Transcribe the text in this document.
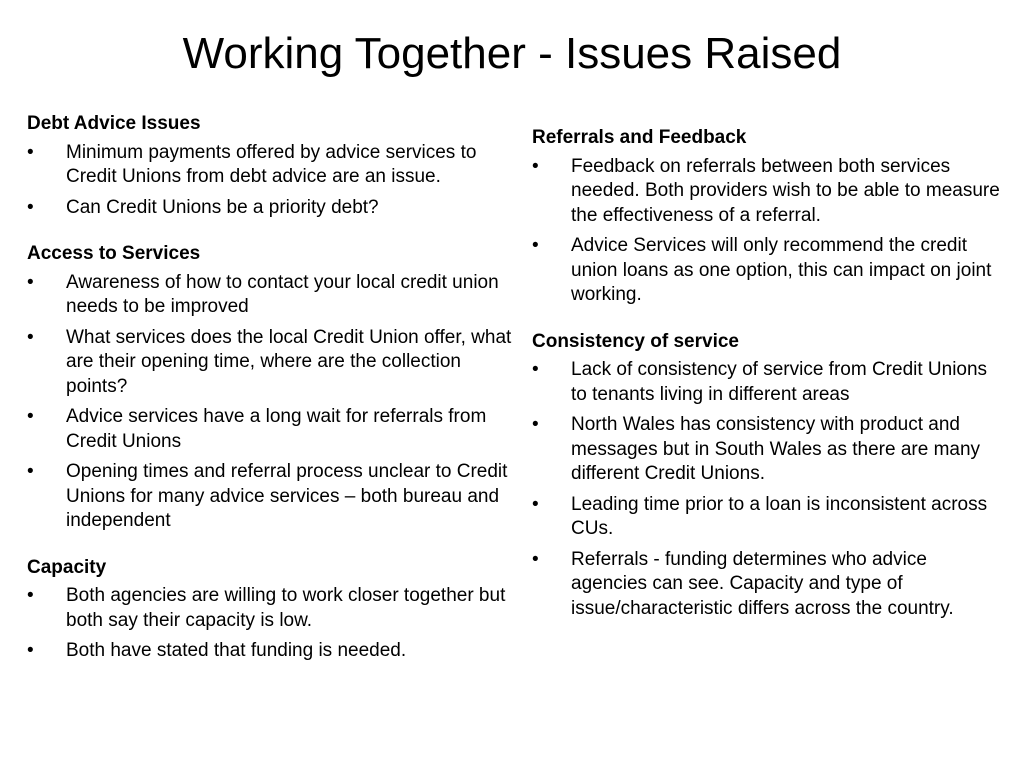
Working Together - Issues Raised
Debt Advice Issues
•	Minimum payments offered by advice services to Credit Unions from debt advice are an issue.
•	Can Credit Unions be a priority debt?
Access to Services
•	Awareness of how to contact your local credit union needs to be improved
•	What services does the local Credit Union offer, what are their opening time, where are the collection points?
•	Advice services have a long wait for referrals from Credit Unions
•	Opening times and referral process unclear to Credit Unions for many advice services – both bureau and independent
Capacity
•	Both agencies are willing to work closer together but both say their capacity is low.
•	Both have stated that funding is needed.
Referrals and Feedback
•	Feedback on referrals between both services needed. Both providers wish to be able to measure the effectiveness of a referral.
•	Advice Services will only recommend the credit union loans as one option, this can impact on joint working.
Consistency of service
•	Lack of consistency of service from Credit Unions to tenants living in different areas
•	North Wales has consistency with product and messages but in South Wales as there are many different Credit Unions.
•	Leading time prior to a loan is inconsistent across CUs.
•	Referrals - funding determines who advice agencies can see. Capacity and type of issue/characteristic differs across the country.
